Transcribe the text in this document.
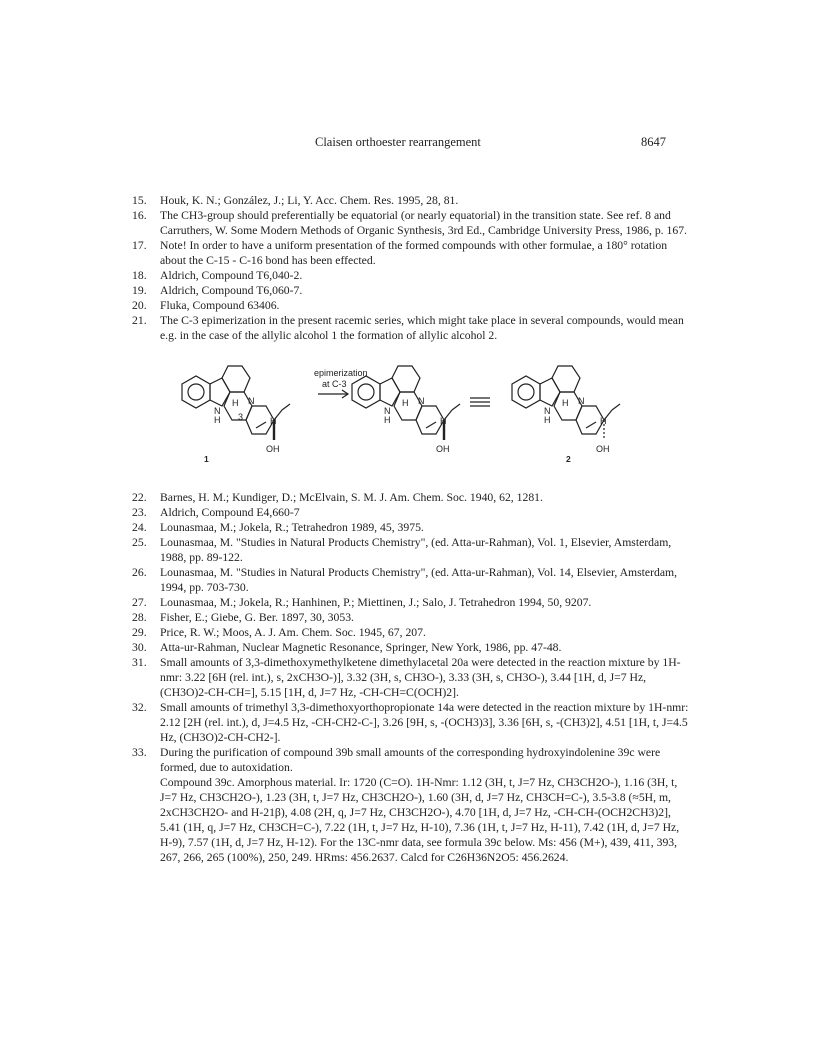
Claisen orthoester rearrangement	8647
15. Houk, K. N.; González, J.; Li, Y. Acc. Chem. Res. 1995, 28, 81.
16. The CH3-group should preferentially be equatorial (or nearly equatorial) in the transition state. See ref. 8 and Carruthers, W. Some Modern Methods of Organic Synthesis, 3rd Ed., Cambridge University Press, 1986, p. 167.
17. Note! In order to have a uniform presentation of the formed compounds with other formulae, a 180° rotation about the C-15 - C-16 bond has been effected.
18. Aldrich, Compound T6,040-2.
19. Aldrich, Compound T6,060-7.
20. Fluka, Compound 63406.
21. The C-3 epimerization in the present racemic series, which might take place in several compounds, would mean e.g. in the case of the allylic alcohol 1 the formation of allylic alcohol 2.
epimerization
at C-3
N
H
H
3
N
H
OH
N
H
H N
H
OH
N
H
H N
H
OH
1	2
22. Barnes, H. M.; Kundiger, D.; McElvain, S. M. J. Am. Chem. Soc. 1940, 62, 1281.
23. Aldrich, Compound E4,660-7
24. Lounasmaa, M.; Jokela, R.; Tetrahedron 1989, 45, 3975.
25. Lounasmaa, M. "Studies in Natural Products Chemistry", (ed. Atta-ur-Rahman), Vol. 1, Elsevier, Amsterdam, 1988, pp. 89-122.
26. Lounasmaa, M. "Studies in Natural Products Chemistry", (ed. Atta-ur-Rahman), Vol. 14, Elsevier, Amsterdam, 1994, pp. 703-730.
27. Lounasmaa, M.; Jokela, R.; Hanhinen, P.; Miettinen, J.; Salo, J. Tetrahedron 1994, 50, 9207.
28. Fisher, E.; Giebe, G. Ber. 1897, 30, 3053.
29. Price, R. W.; Moos, A. J. Am. Chem. Soc. 1945, 67, 207.
30. Atta-ur-Rahman, Nuclear Magnetic Resonance, Springer, New York, 1986, pp. 47-48.
31. Small amounts of 3,3-dimethoxymethylketene dimethylacetal 20a were detected in the reaction mixture by 1H-nmr: 3.22 [6H (rel. int.), s, 2xCH3O-)], 3.32 (3H, s, CH3O-), 3.33 (3H, s, CH3O-), 3.44 [1H, d, J=7 Hz, (CH3O)2-CH-CH=], 5.15 [1H, d, J=7 Hz, -CH-CH=C(OCH)2].
32. Small amounts of trimethyl 3,3-dimethoxyorthopropionate 14a were detected in the reaction mixture by 1H-nmr: 2.12 [2H (rel. int.), d, J=4.5 Hz, -CH-CH2-C-], 3.26 [9H, s, -(OCH3)3], 3.36 [6H, s, -(CH3)2], 4.51 [1H, t, J=4.5 Hz, (CH3O)2-CH-CH2-].
33. During the purification of compound 39b small amounts of the corresponding hydroxyindolenine 39c were formed, due to autoxidation.
Compound 39c. Amorphous material. Ir: 1720 (C=O). 1H-Nmr: 1.12 (3H, t, J=7 Hz, CH3CH2O-), 1.16 (3H, t, J=7 Hz, CH3CH2O-), 1.23 (3H, t, J=7 Hz, CH3CH2O-), 1.60 (3H, d, J=7 Hz, CH3CH=C-), 3.5-3.8 (≈5H, m, 2xCH3CH2O- and H-21β), 4.08 (2H, q, J=7 Hz, CH3CH2O-), 4.70 [1H, d, J=7 Hz, -CH-CH-(OCH2CH3)2], 5.41 (1H, q, J=7 Hz, CH3CH=C-), 7.22 (1H, t, J=7 Hz, H-10), 7.36 (1H, t, J=7 Hz, H-11), 7.42 (1H, d, J=7 Hz, H-9), 7.57 (1H, d, J=7 Hz, H-12). For the 13C-nmr data, see formula 39c below. Ms: 456 (M+), 439, 411, 393, 267, 266, 265 (100%), 250, 249. HRms: 456.2637. Calcd for C26H36N2O5: 456.2624.
